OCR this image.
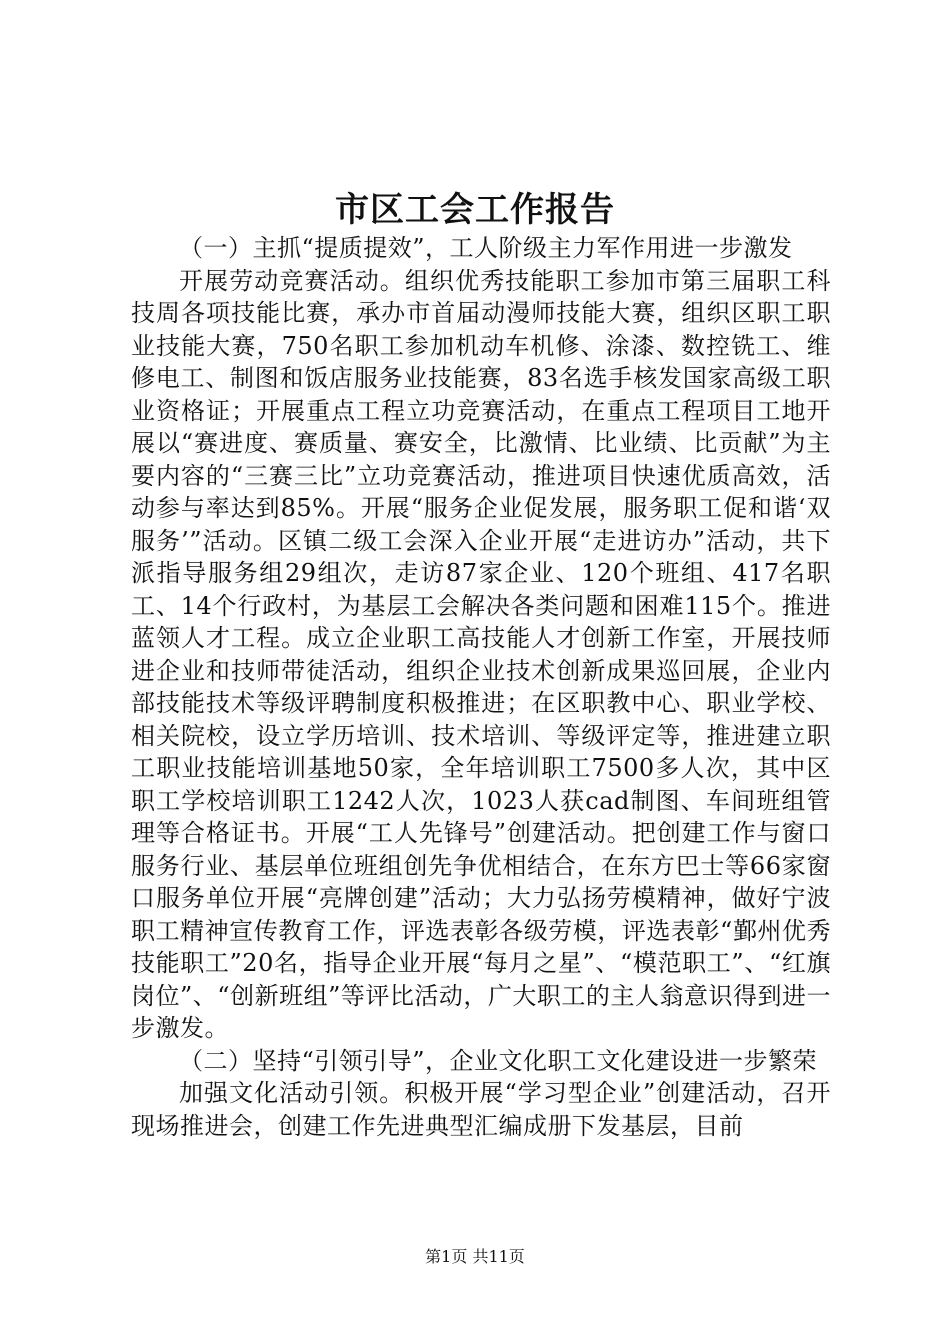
市区工会工作报告

（一）主抓“提质提效”，工人阶级主力军作用进一步激发

开展劳动竞赛活动。组织优秀技能职工参加市第三届职工科技周各项技能比赛，承办市首届动漫师技能大赛，组织区职工职业技能大赛，750名职工参加机动车机修、涂漆、数控铣工、维修电工、制图和饭店服务业技能赛，83名选手核发国家高级工职业资格证；开展重点工程立功竞赛活动，在重点工程项目工地开展以“赛进度、赛质量、赛安全，比激情、比业绩、比贡献”为主要内容的“三赛三比”立功竞赛活动，推进项目快速优质高效，活动参与率达到85%。开展“服务企业促发展，服务职工促和谐‘双服务’”活动。区镇二级工会深入企业开展“走进访办”活动，共下派指导服务组29组次，走访87家企业、120个班组、417名职工、14个行政村，为基层工会解决各类问题和困难115个。推进蓝领人才工程。成立企业职工高技能人才创新工作室，开展技师进企业和技师带徒活动，组织企业技术创新成果巡回展，企业内部技能技术等级评聘制度积极推进；在区职教中心、职业学校、相关院校，设立学历培训、技术培训、等级评定等，推进建立职工职业技能培训基地50家，全年培训职工7500多人次，其中区职工学校培训职工1242人次，1023人获cad制图、车间班组管理等合格证书。开展“工人先锋号”创建活动。把创建工作与窗口服务行业、基层单位班组创先争优相结合，在东方巴士等66家窗口服务单位开展“亮牌创建”活动；大力弘扬劳模精神，做好宁波职工精神宣传教育工作，评选表彰各级劳模，评选表彰“鄞州优秀技能职工”20名，指导企业开展“每月之星”、“模范职工”、“红旗岗位”、“创新班组”等评比活动，广大职工的主人翁意识得到进一步激发。

（二）坚持“引领引导”，企业文化职工文化建设进一步繁荣

加强文化活动引领。积极开展“学习型企业”创建活动，召开现场推进会，创建工作先进典型汇编成册下发基层，目前

第1页 共11页
